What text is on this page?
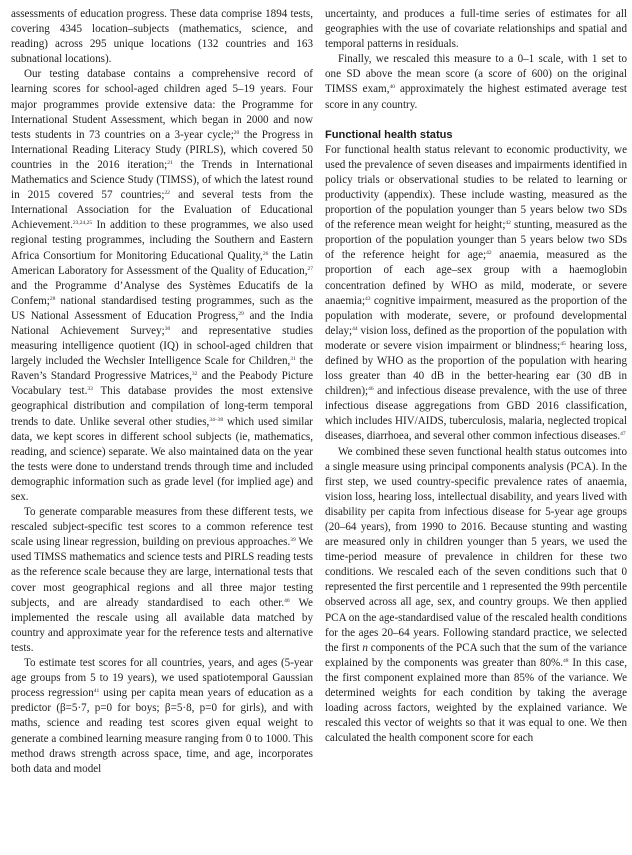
assessments of education progress. These data comprise 1894 tests, covering 4345 location–subjects (mathematics, science, and reading) across 295 unique locations (132 countries and 163 subnational locations).

Our testing database contains a comprehensive record of learning scores for school-aged children aged 5–19 years. Four major programmes provide extensive data: the Programme for International Student Assessment, which began in 2000 and now tests students in 73 countries on a 3-year cycle;$^{20}$ the Progress in International Reading Literacy Study (PIRLS), which covered 50 countries in the 2016 iteration;$^{21}$ the Trends in International Mathematics and Science Study (TIMSS), of which the latest round in 2015 covered 57 countries;$^{22}$ and several tests from the International Association for the Evaluation of Educational Achievement.$^{23,24,25}$ In addition to these programmes, we also used regional testing programmes, including the Southern and Eastern Africa Consortium for Monitoring Educational Quality,$^{26}$ the Latin American Laboratory for Assessment of the Quality of Education,$^{27}$ and the Programme d’Analyse des Systèmes Educatifs de la Confem;$^{28}$ national standardised testing programmes, such as the US National Assessment of Education Progress,$^{29}$ and the India National Achievement Survey;$^{30}$ and representative studies measuring intelligence quotient (IQ) in school-aged children that largely included the Wechsler Intelligence Scale for Children,$^{31}$ the Raven’s Standard Progressive Matrices,$^{32}$ and the Peabody Picture Vocabulary test.$^{33}$ This database provides the most extensive geographical distribution and compilation of long-term temporal trends to date. Unlike several other studies,$^{34-38}$ which used similar data, we kept scores in different school subjects (ie, mathematics, reading, and science) separate. We also maintained data on the year the tests were done to understand trends through time and included demographic information such as grade level (for implied age) and sex.

To generate comparable measures from these different tests, we rescaled subject-specific test scores to a common reference test scale using linear regression, building on previous approaches.$^{39}$ We used TIMSS mathematics and science tests and PIRLS reading tests as the reference scale because they are large, international tests that cover most geographical regions and all three major testing subjects, and are already standardised to each other.$^{40}$ We implemented the rescale using all available data matched by country and approximate year for the reference tests and alternative tests.

To estimate test scores for all countries, years, and ages (5-year age groups from 5 to 19 years), we used spatiotemporal Gaussian process regression$^{41}$ using per capita mean years of education as a predictor (β=5·7, p=0 for boys; β=5·8, p=0 for girls), and with maths, science and reading test scores given equal weight to generate a combined learning measure ranging from 0 to 1000. This method draws strength across space, time, and age, incorporates both data and model

uncertainty, and produces a full-time series of estimates for all geographies with the use of covariate relationships and spatial and temporal patterns in residuals.

Finally, we rescaled this measure to a 0–1 scale, with 1 set to one SD above the mean score (a score of 600) on the original TIMSS exam,$^{40}$ approximately the highest estimated average test score in any country.

Functional health status

For functional health status relevant to economic productivity, we used the prevalence of seven diseases and impairments identified in policy trials or observational studies to be related to learning or productivity (appendix). These include wasting, measured as the proportion of the population younger than 5 years below two SDs of the reference mean weight for height;$^{42}$ stunting, measured as the proportion of the population younger than 5 years below two SDs of the reference height for age;$^{42}$ anaemia, measured as the proportion of each age–sex group with a haemoglobin concentration defined by WHO as mild, moderate, or severe anaemia;$^{43}$ cognitive impairment, measured as the proportion of the population with moderate, severe, or profound developmental delay;$^{44}$ vision loss, defined as the proportion of the population with moderate or severe vision impairment or blindness;$^{45}$ hearing loss, defined by WHO as the proportion of the population with hearing loss greater than 40 dB in the better-hearing ear (30 dB in children);$^{46}$ and infectious disease prevalence, with the use of three infectious disease aggregations from GBD 2016 classification, which includes HIV/AIDS, tuberculosis, malaria, neglected tropical diseases, diarrhoea, and several other common infectious diseases.$^{47}$

We combined these seven functional health status outcomes into a single measure using principal components analysis (PCA). In the first step, we used country-specific prevalence rates of anaemia, vision loss, hearing loss, intellectual disability, and years lived with disability per capita from infectious disease for 5-year age groups (20–64 years), from 1990 to 2016. Because stunting and wasting are measured only in children younger than 5 years, we used the time-period measure of prevalence in children for these two conditions. We rescaled each of the seven conditions such that 0 represented the first percentile and 1 represented the 99th percentile observed across all age, sex, and country groups. We then applied PCA on the age-standardised value of the rescaled health conditions for the ages 20–64 years. Following standard practice, we selected the first n components of the PCA such that the sum of the variance explained by the components was greater than 80%.$^{48}$ In this case, the first component explained more than 85% of the variance. We determined weights for each condition by taking the average loading across factors, weighted by the explained variance. We rescaled this vector of weights so that it was equal to one. We then calculated the health component score for each
